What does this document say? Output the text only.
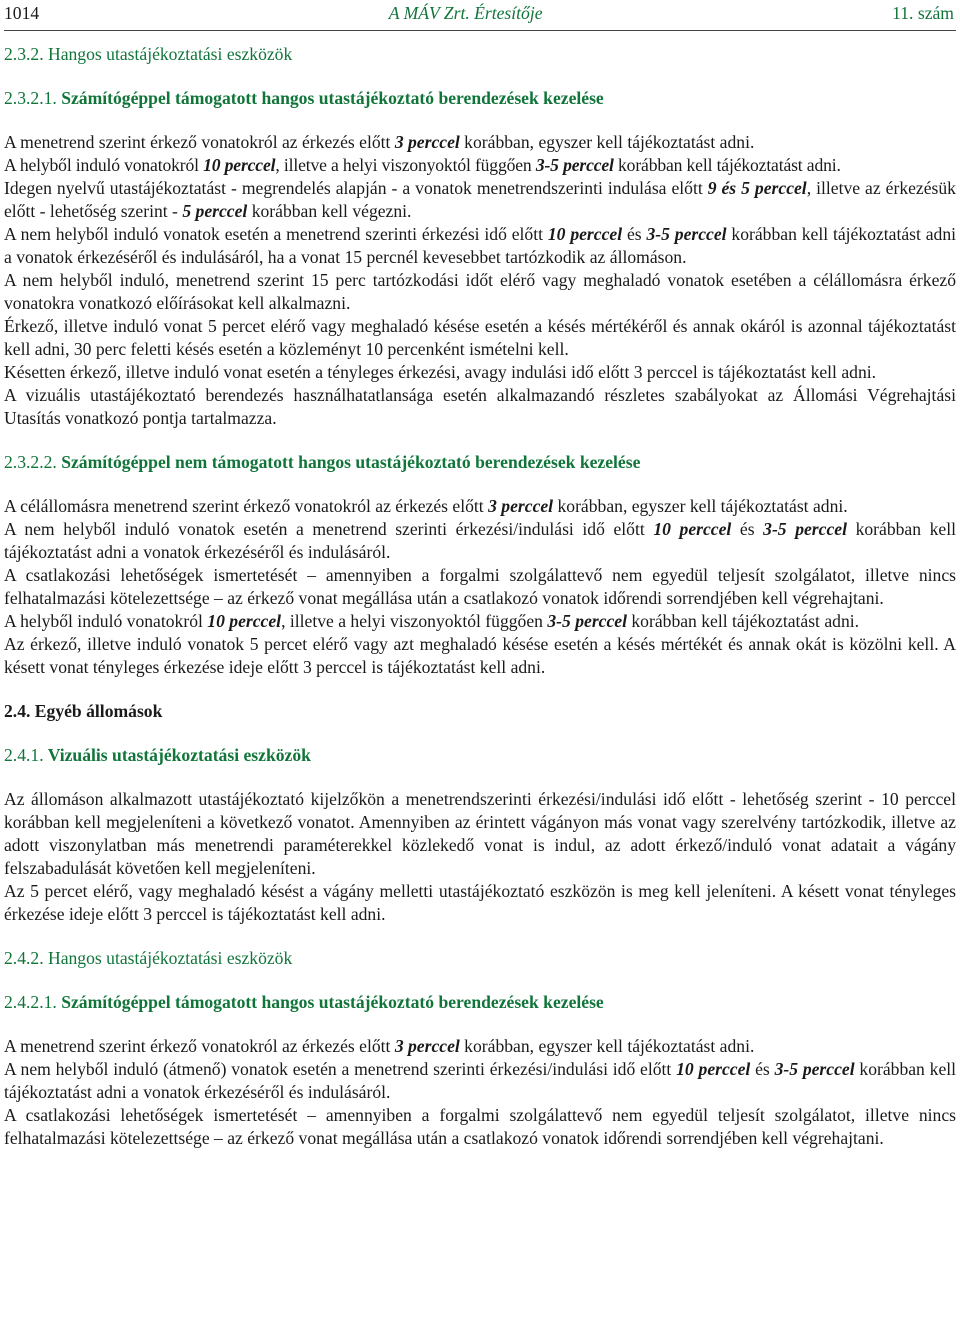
1014	A MÁV Zrt. Értesítője	11. szám
2.3.2. Hangos utastájékoztatási eszközök
2.3.2.1. Számítógéppel támogatott hangos utastájékoztató berendezések kezelése

A menetrend szerint érkező vonatokról az érkezés előtt 3 perccel korábban, egyszer kell tájékoztatást adni.

A helyből induló vonatokról 10 perccel, illetve a helyi viszonyoktól függően 3-5 perccel korábban kell tájékoztatást adni.

Idegen nyelvű utastájékoztatást - megrendelés alapján - a vonatok menetrendszerinti indulása előtt 9 és 5 perccel, illetve az érkezésük előtt - lehetőség szerint - 5 perccel korábban kell végezni.

A nem helyből induló vonatok esetén a menetrend szerinti érkezési idő előtt 10 perccel és 3-5 perccel korábban kell tájékoztatást adni a vonatok érkezéséről és indulásáról, ha a vonat 15 percnél kevesebbet tartózkodik az állomáson.

A nem helyből induló, menetrend szerint 15 perc tartózkodási időt elérő vagy meghaladó vonatok esetében a célállomásra érkező vonatokra vonatkozó előírásokat kell alkalmazni.

Érkező, illetve induló vonat 5 percet elérő vagy meghaladó késése esetén a késés mértékéről és annak okáról is azonnal tájékoztatást kell adni, 30 perc feletti késés esetén a közleményt 10 percenként ismételni kell.

Késetten érkező, illetve induló vonat esetén a tényleges érkezési, avagy indulási idő előtt 3 perccel is tájékoztatást kell adni.

A vizuális utastájékoztató berendezés használhatatlansága esetén alkalmazandó részletes szabályokat az Állomási Végrehajtási Utasítás vonatkozó pontja tartalmazza.

2.3.2.2. Számítógéppel nem támogatott hangos utastájékoztató berendezések kezelése

A célállomásra menetrend szerint érkező vonatokról az érkezés előtt 3 perccel korábban, egyszer kell tájékoztatást adni.

A nem helyből induló vonatok esetén a menetrend szerinti érkezési/indulási idő előtt 10 perccel és 3-5 perccel korábban kell tájékoztatást adni a vonatok érkezéséről és indulásáról.

A csatlakozási lehetőségek ismertetését – amennyiben a forgalmi szolgálattevő nem egyedül teljesít szolgálatot, illetve nincs felhatalmazási kötelezettsége – az érkező vonat megállása után a csatlakozó vonatok időrendi sorrendjében kell végrehajtani.

A helyből induló vonatokról 10 perccel, illetve a helyi viszonyoktól függően 3-5 perccel korábban kell tájékoztatást adni.

Az érkező, illetve induló vonatok 5 percet elérő vagy azt meghaladó késése esetén a késés mértékét és annak okát is közölni kell. A késett vonat tényleges érkezése ideje előtt 3 perccel is tájékoztatást kell adni.

2.4. Egyéb állomások
2.4.1. Vizuális utastájékoztatási eszközök

Az állomáson alkalmazott utastájékoztató kijelzőkön a menetrendszerinti érkezési/indulási idő előtt - lehetőség szerint - 10 perccel korábban kell megjeleníteni a következő vonatot. Amennyiben az érintett vágányon más vonat vagy szerelvény tartózkodik, illetve az adott viszonylatban más menetrendi paraméterekkel közlekedő vonat is indul, az adott érkező/induló vonat adatait a vágány felszabadulását követően kell megjeleníteni.

Az 5 percet elérő, vagy meghaladó késést a vágány melletti utastájékoztató eszközön is meg kell jeleníteni. A késett vonat tényleges érkezése ideje előtt 3 perccel is tájékoztatást kell adni.

2.4.2. Hangos utastájékoztatási eszközök
2.4.2.1. Számítógéppel támogatott hangos utastájékoztató berendezések kezelése

A menetrend szerint érkező vonatokról az érkezés előtt 3 perccel korábban, egyszer kell tájékoztatást adni.

A nem helyből induló (átmenő) vonatok esetén a menetrend szerinti érkezési/indulási idő előtt 10 perccel és 3-5 perccel korábban kell tájékoztatást adni a vonatok érkezéséről és indulásáról.

A csatlakozási lehetőségek ismertetését – amennyiben a forgalmi szolgálattevő nem egyedül teljesít szolgálatot, illetve nincs felhatalmazási kötelezettsége – az érkező vonat megállása után a csatlakozó vonatok időrendi sorrendjében kell végrehajtani.
